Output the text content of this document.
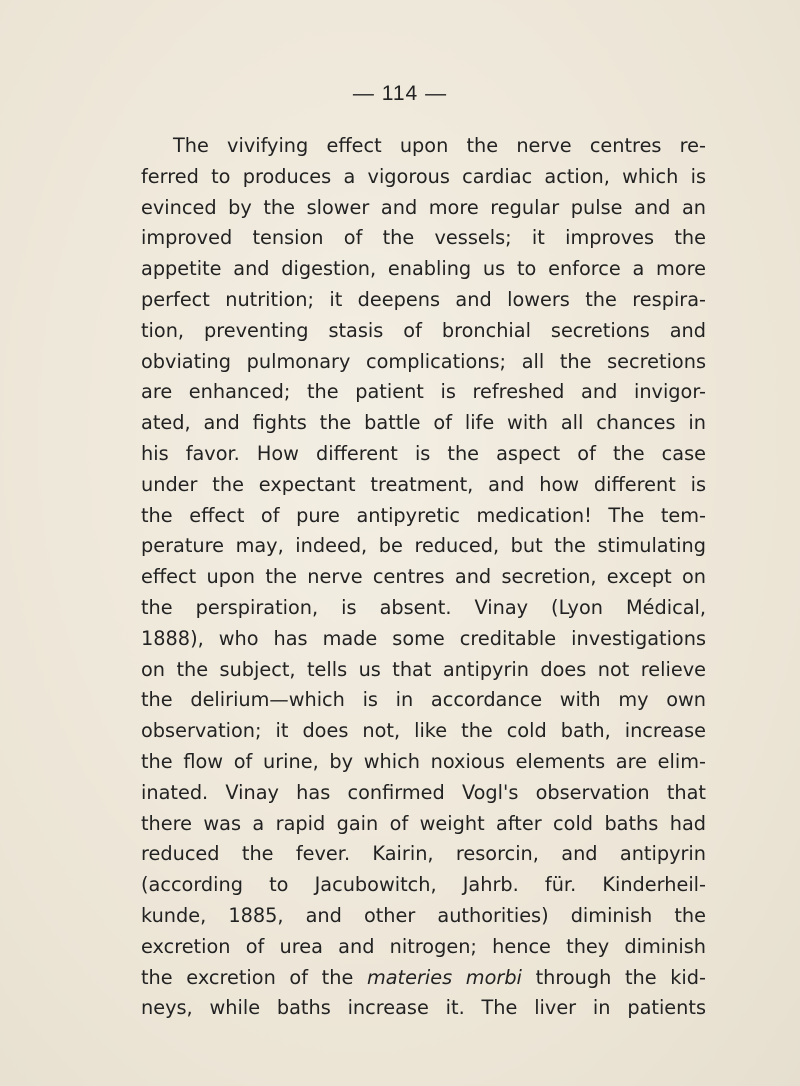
— 114 —
The vivifying effect upon the nerve centres re-
ferred to produces a vigorous cardiac action, which is
evinced by the slower and more regular pulse and an
improved tension of the vessels; it improves the
appetite and digestion, enabling us to enforce a more
perfect nutrition; it deepens and lowers the respira-
tion, preventing stasis of bronchial secretions and
obviating pulmonary complications; all the secretions
are enhanced; the patient is refreshed and invigor-
ated, and fights the battle of life with all chances in
his favor. How different is the aspect of the case
under the expectant treatment, and how different is
the effect of pure antipyretic medication! The tem-
perature may, indeed, be reduced, but the stimulating
effect upon the nerve centres and secretion, except on
the perspiration, is absent. Vinay (Lyon Médical,
1888), who has made some creditable investigations
on the subject, tells us that antipyrin does not relieve
the delirium—which is in accordance with my own
observation; it does not, like the cold bath, increase
the flow of urine, by which noxious elements are elim-
inated. Vinay has confirmed Vogl's observation that
there was a rapid gain of weight after cold baths had
reduced the fever. Kairin, resorcin, and antipyrin
(according to Jacubowitch, Jahrb. für. Kinderheil-
kunde, 1885, and other authorities) diminish the
excretion of urea and nitrogen; hence they diminish
the excretion of the materies morbi through the kid-
neys, while baths increase it. The liver in patients
